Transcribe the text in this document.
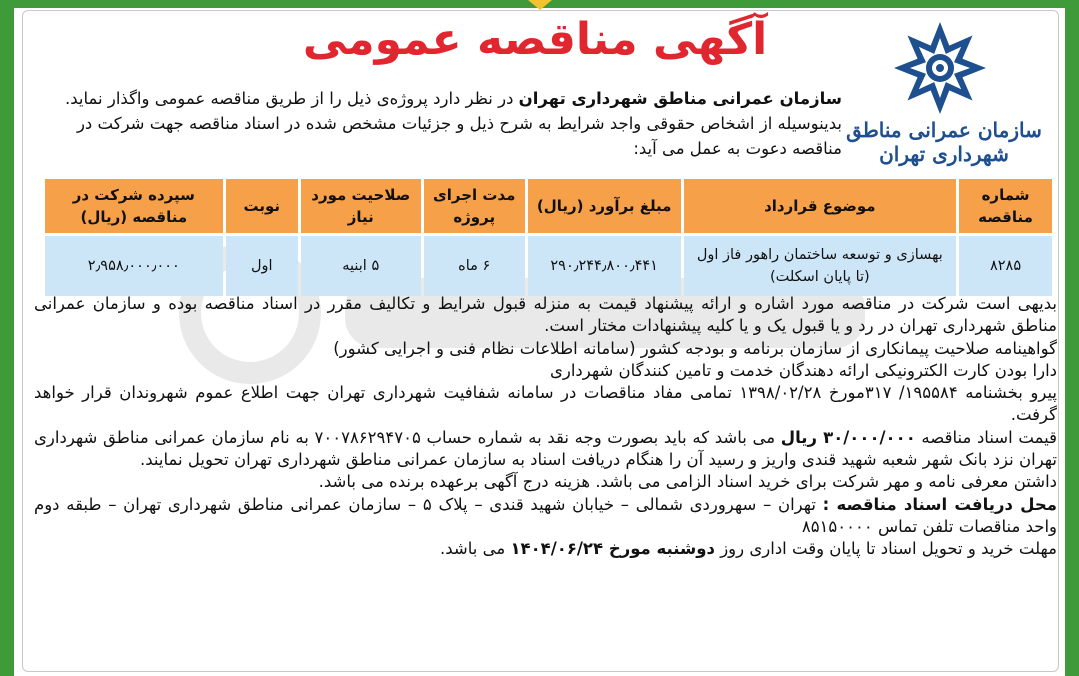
آگهی مناقصه عمومی
سازمان عمرانی مناطق شهرداری تهران
سازمان عمرانی مناطق شهرداری تهران در نظر دارد پروژه‌ی ذیل را از طریق مناقصه عمومی واگذار نماید. بدینوسیله از اشخاص حقوقی واجد شرایط به شرح ذیل و جزئیات مشخص شده در اسناد مناقصه جهت شرکت در مناقصه دعوت به عمل می آید:
شماره مناقصه	موضوع قرارداد	مبلغ برآورد (ریال)	مدت اجرای پروژه	صلاحیت مورد نیاز	نوبت	سپرده شرکت در مناقصه (ریال)
۸۲۸۵	بهسازی و توسعه ساختمان راهور فاز اول (تا پایان اسکلت)	۲۹۰٫۲۴۴٫۸۰۰٫۴۴۱	۶ ماه	۵ ابنیه	اول	۲٫۹۵۸٫۰۰۰٫۰۰۰

بدیهی است شرکت در مناقصه مورد اشاره و ارائه پیشنهاد قیمت به منزله قبول شرایط و تکالیف مقرر در اسناد مناقصه بوده و سازمان عمرانی مناطق شهرداری تهران در رد و یا قبول یک و یا کلیه پیشنهادات مختار است.

گواهینامه صلاحیت پیمانکاری از سازمان برنامه و بودجه کشور (سامانه اطلاعات نظام فنی و اجرایی کشور)

دارا بودن کارت الکترونیکی ارائه دهندگان خدمت و تامین کنندگان شهرداری

پیرو بخشنامه ۱۹۵۵۸۴/ ۳۱۷مورخ ۱۳۹۸/۰۲/۲۸ تمامی مفاد مناقصات در سامانه شفافیت شهرداری تهران جهت اطلاع عموم شهروندان قرار خواهد گرفت.

قیمت اسناد مناقصه ۳۰/۰۰۰/۰۰۰ ریال می باشد که باید بصورت وجه نقد به شماره حساب ۷۰۰۷۸۶۲۹۴۷۰۵ به نام سازمان عمرانی مناطق شهرداری تهران نزد بانک شهر شعبه شهید قندی واریز و رسید آن را هنگام دریافت اسناد به سازمان عمرانی مناطق شهرداری تهران تحویل نمایند.

داشتن معرفی نامه و مهر شرکت برای خرید اسناد الزامی می باشد. هزینه درج آگهی برعهده برنده می باشد.

محل دریافت اسناد مناقصه : تهران – سهروردی شمالی – خیابان شهید قندی – پلاک ۵ – سازمان عمرانی مناطق شهرداری تهران – طبقه دوم واحد مناقصات تلفن تماس ۸۵۱۵۰۰۰۰

مهلت خرید و تحویل اسناد تا پایان وقت اداری روز دوشنبه مورخ ۱۴۰۴/۰۶/۲۴ می باشد.
